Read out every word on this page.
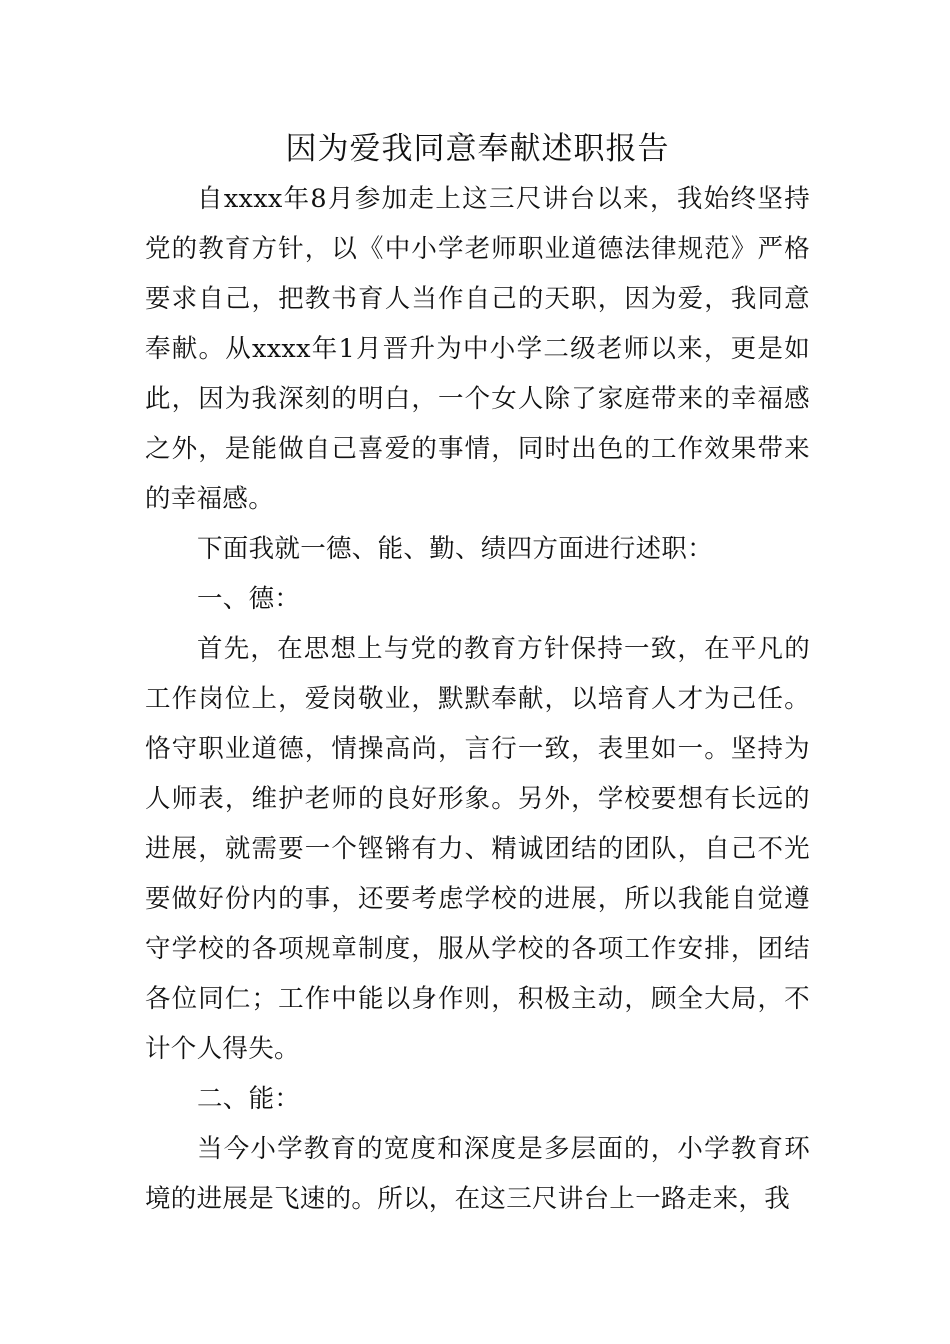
因为爱我同意奉献述职报告

自xxxx年8月参加走上这三尺讲台以来，我始终坚持党的教育方针，以《中小学老师职业道德法律规范》严格要求自己，把教书育人当作自己的天职，因为爱，我同意奉献。从xxxx年1月晋升为中小学二级老师以来，更是如此，因为我深刻的明白，一个女人除了家庭带来的幸福感之外，是能做自己喜爱的事情，同时出色的工作效果带来的幸福感。

下面我就一德、能、勤、绩四方面进行述职：

一、德：

首先，在思想上与党的教育方针保持一致，在平凡的工作岗位上，爱岗敬业，默默奉献，以培育人才为己任。恪守职业道德，情操高尚，言行一致，表里如一。坚持为人师表，维护老师的良好形象。另外，学校要想有长远的进展，就需要一个铿锵有力、精诚团结的团队，自己不光要做好份内的事，还要考虑学校的进展，所以我能自觉遵守学校的各项规章制度，服从学校的各项工作安排，团结各位同仁；工作中能以身作则，积极主动，顾全大局，不计个人得失。

二、能：

当今小学教育的宽度和深度是多层面的，小学教育环境的进展是飞速的。所以，在这三尺讲台上一路走来，我
